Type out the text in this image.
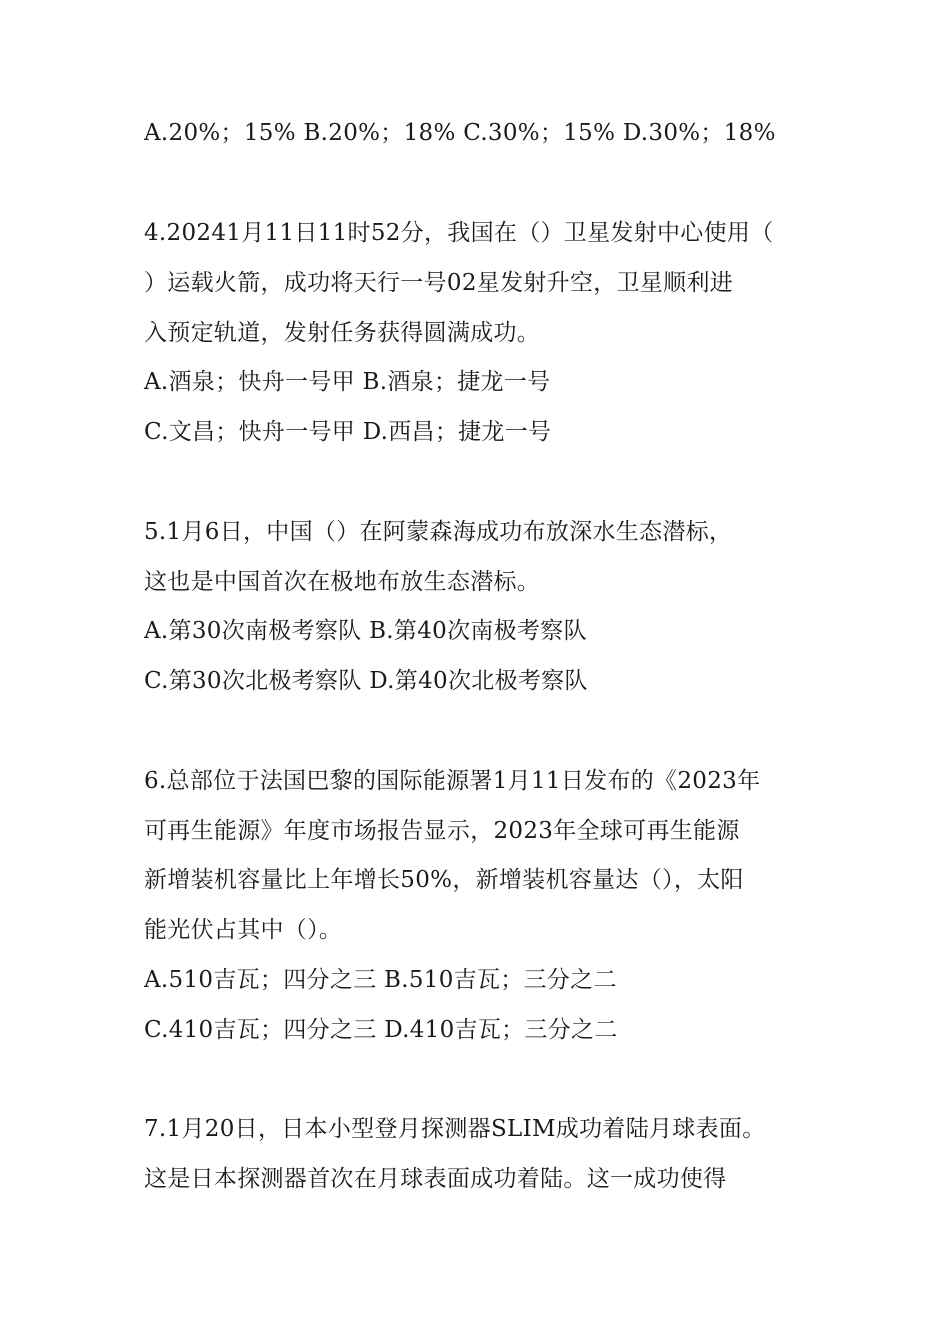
A.20%；15% B.20%；18% C.30%；15% D.30%；18%
4.20241月11日11时52分，我国在（）卫星发射中心使用（
）运载火箭，成功将天行一号02星发射升空，卫星顺利进
入预定轨道，发射任务获得圆满成功。
A.酒泉；快舟一号甲 B.酒泉；捷龙一号
C.文昌；快舟一号甲 D.西昌；捷龙一号
5.1月6日，中国（）在阿蒙森海成功布放深水生态潜标，
这也是中国首次在极地布放生态潜标。
A.第30次南极考察队 B.第40次南极考察队
C.第30次北极考察队 D.第40次北极考察队
6.总部位于法国巴黎的国际能源署1月11日发布的《2023年
可再生能源》年度市场报告显示，2023年全球可再生能源
新增装机容量比上年增长50%，新增装机容量达（），太阳
能光伏占其中（）。
A.510吉瓦；四分之三 B.510吉瓦；三分之二
C.410吉瓦；四分之三 D.410吉瓦；三分之二
7.1月20日，日本小型登月探测器SLIM成功着陆月球表面。
这是日本探测器首次在月球表面成功着陆。这一成功使得
